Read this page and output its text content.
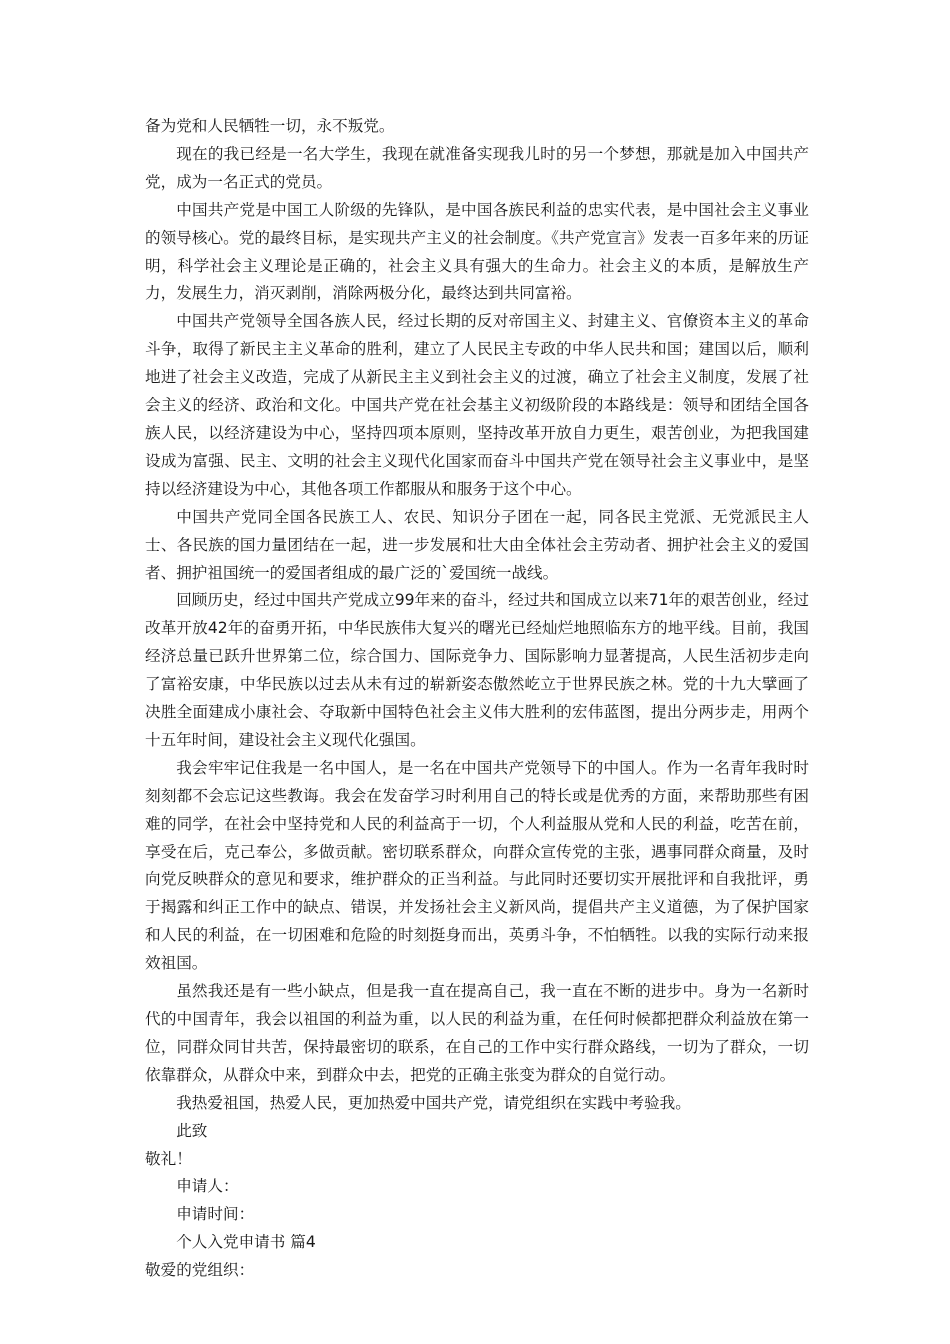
备为党和人民牺牲一切，永不叛党。

现在的我已经是一名大学生，我现在就准备实现我儿时的另一个梦想，那就是加入中国共产党，成为一名正式的党员。

中国共产党是中国工人阶级的先锋队，是中国各族民利益的忠实代表，是中国社会主义事业的领导核心。党的最终目标，是实现共产主义的社会制度。《共产党宣言》发表一百多年来的历证明，科学社会主义理论是正确的，社会主义具有强大的生命力。社会主义的本质，是解放生产力，发展生力，消灭剥削，消除两极分化，最终达到共同富裕。

中国共产党领导全国各族人民，经过长期的反对帝国主义、封建主义、官僚资本主义的革命斗争，取得了新民主主义革命的胜利，建立了人民民主专政的中华人民共和国；建国以后，顺利地进了社会主义改造，完成了从新民主主义到社会主义的过渡，确立了社会主义制度，发展了社会主义的经济、政治和文化。中国共产党在社会基主义初级阶段的本路线是：领导和团结全国各族人民，以经济建设为中心，坚持四项本原则，坚持改革开放自力更生，艰苦创业，为把我国建设成为富强、民主、文明的社会主义现代化国家而奋斗中国共产党在领导社会主义事业中，是坚持以经济建设为中心，其他各项工作都服从和服务于这个中心。

中国共产党同全国各民族工人、农民、知识分子团在一起，同各民主党派、无党派民主人士、各民族的国力量团结在一起，进一步发展和壮大由全体社会主劳动者、拥护社会主义的爱国者、拥护祖国统一的爱国者组成的最广泛的`爱国统一战线。

回顾历史，经过中国共产党成立99年来的奋斗，经过共和国成立以来71年的艰苦创业，经过改革开放42年的奋勇开拓，中华民族伟大复兴的曙光已经灿烂地照临东方的地平线。目前，我国经济总量已跃升世界第二位，综合国力、国际竞争力、国际影响力显著提高，人民生活初步走向了富裕安康，中华民族以过去从未有过的崭新姿态傲然屹立于世界民族之林。党的十九大擘画了决胜全面建成小康社会、夺取新中国特色社会主义伟大胜利的宏伟蓝图，提出分两步走，用两个十五年时间，建设社会主义现代化强国。

我会牢牢记住我是一名中国人，是一名在中国共产党领导下的中国人。作为一名青年我时时刻刻都不会忘记这些教诲。我会在发奋学习时利用自己的特长或是优秀的方面，来帮助那些有困难的同学，在社会中坚持党和人民的利益高于一切，个人利益服从党和人民的利益，吃苦在前，享受在后，克己奉公，多做贡献。密切联系群众，向群众宣传党的主张，遇事同群众商量，及时向党反映群众的意见和要求，维护群众的正当利益。与此同时还要切实开展批评和自我批评，勇于揭露和纠正工作中的缺点、错误，并发扬社会主义新风尚，提倡共产主义道德，为了保护国家和人民的利益，在一切困难和危险的时刻挺身而出，英勇斗争，不怕牺牲。以我的实际行动来报效祖国。

虽然我还是有一些小缺点，但是我一直在提高自己，我一直在不断的进步中。身为一名新时代的中国青年，我会以祖国的利益为重，以人民的利益为重，在任何时候都把群众利益放在第一位，同群众同甘共苦，保持最密切的联系，在自己的工作中实行群众路线，一切为了群众，一切依靠群众，从群众中来，到群众中去，把党的正确主张变为群众的自觉行动。

我热爱祖国，热爱人民，更加热爱中国共产党，请党组织在实践中考验我。

此致

敬礼！

申请人：

申请时间：

个人入党申请书 篇4

敬爱的党组织：
